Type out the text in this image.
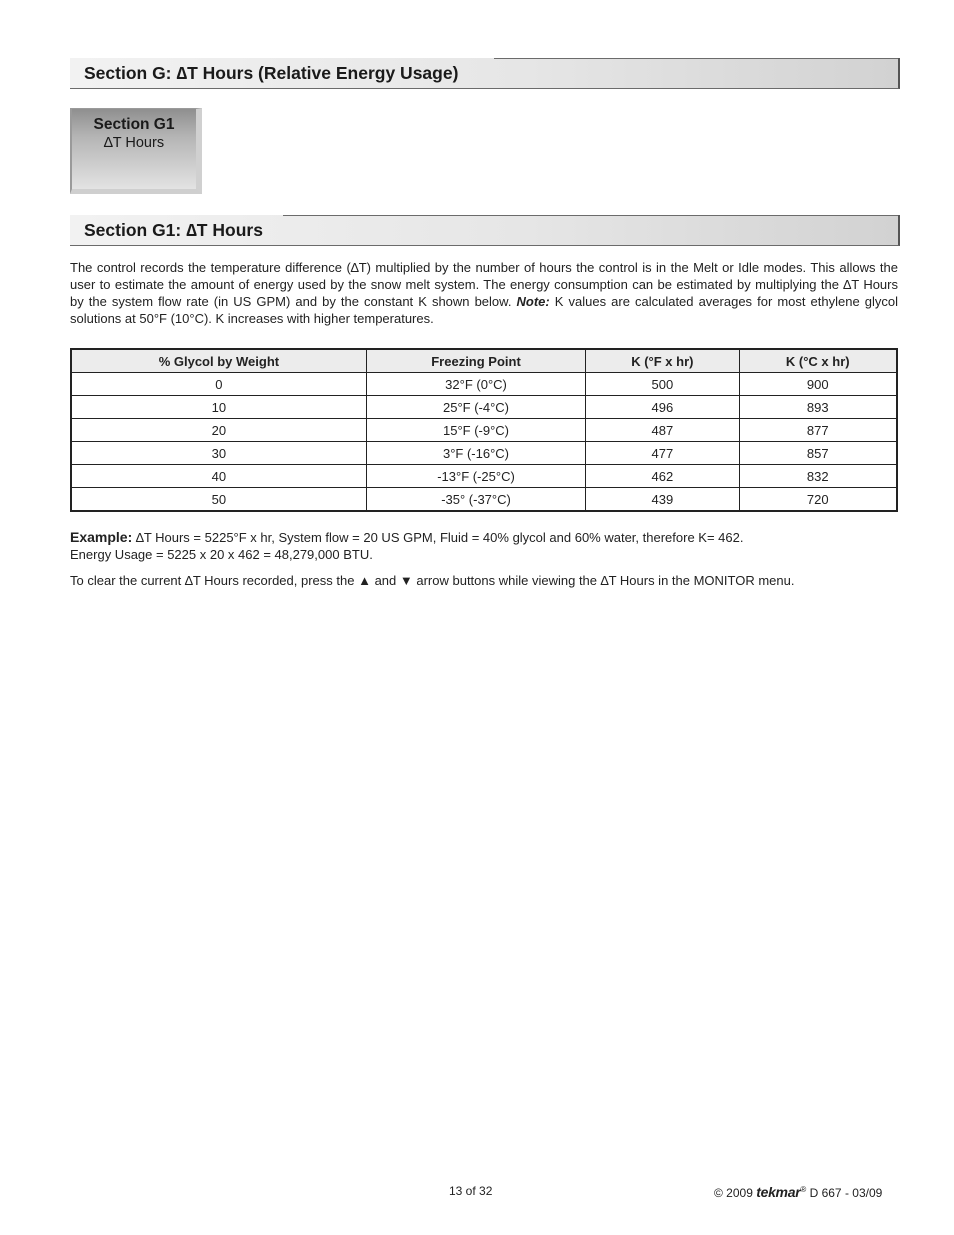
Section G: ∆T Hours (Relative Energy Usage)
Section G1
∆T Hours
Section G1: ∆T Hours

The control records the temperature difference (∆T) multiplied by the number of hours the control is in the Melt or Idle modes. This allows the user to estimate the amount of energy used by the snow melt system. The energy consumption can be estimated by multiplying the ∆T Hours by the system flow rate (in US GPM) and by the constant K shown below. Note: K values are calculated averages for most ethylene glycol solutions at 50°F (10°C). K increases with higher temperatures.

% Glycol by Weight	Freezing Point	K (°F x hr)	K (°C x hr)
0	32°F (0°C)	500	900
10	25°F (-4°C)	496	893
20	15°F (-9°C)	487	877
30	3°F (-16°C)	477	857
40	-13°F (-25°C)	462	832
50	-35° (-37°C)	439	720

Example: ∆T Hours = 5225°F x hr, System flow = 20 US GPM, Fluid = 40% glycol and 60% water, therefore K= 462.
Energy Usage = 5225 x 20 x 462 = 48,279,000 BTU.

To clear the current ∆T Hours recorded, press the ▲ and ▼ arrow buttons while viewing the ∆T Hours in the MONITOR menu.

13 of 32	© 2009 tekmar® D 667 - 03/09
